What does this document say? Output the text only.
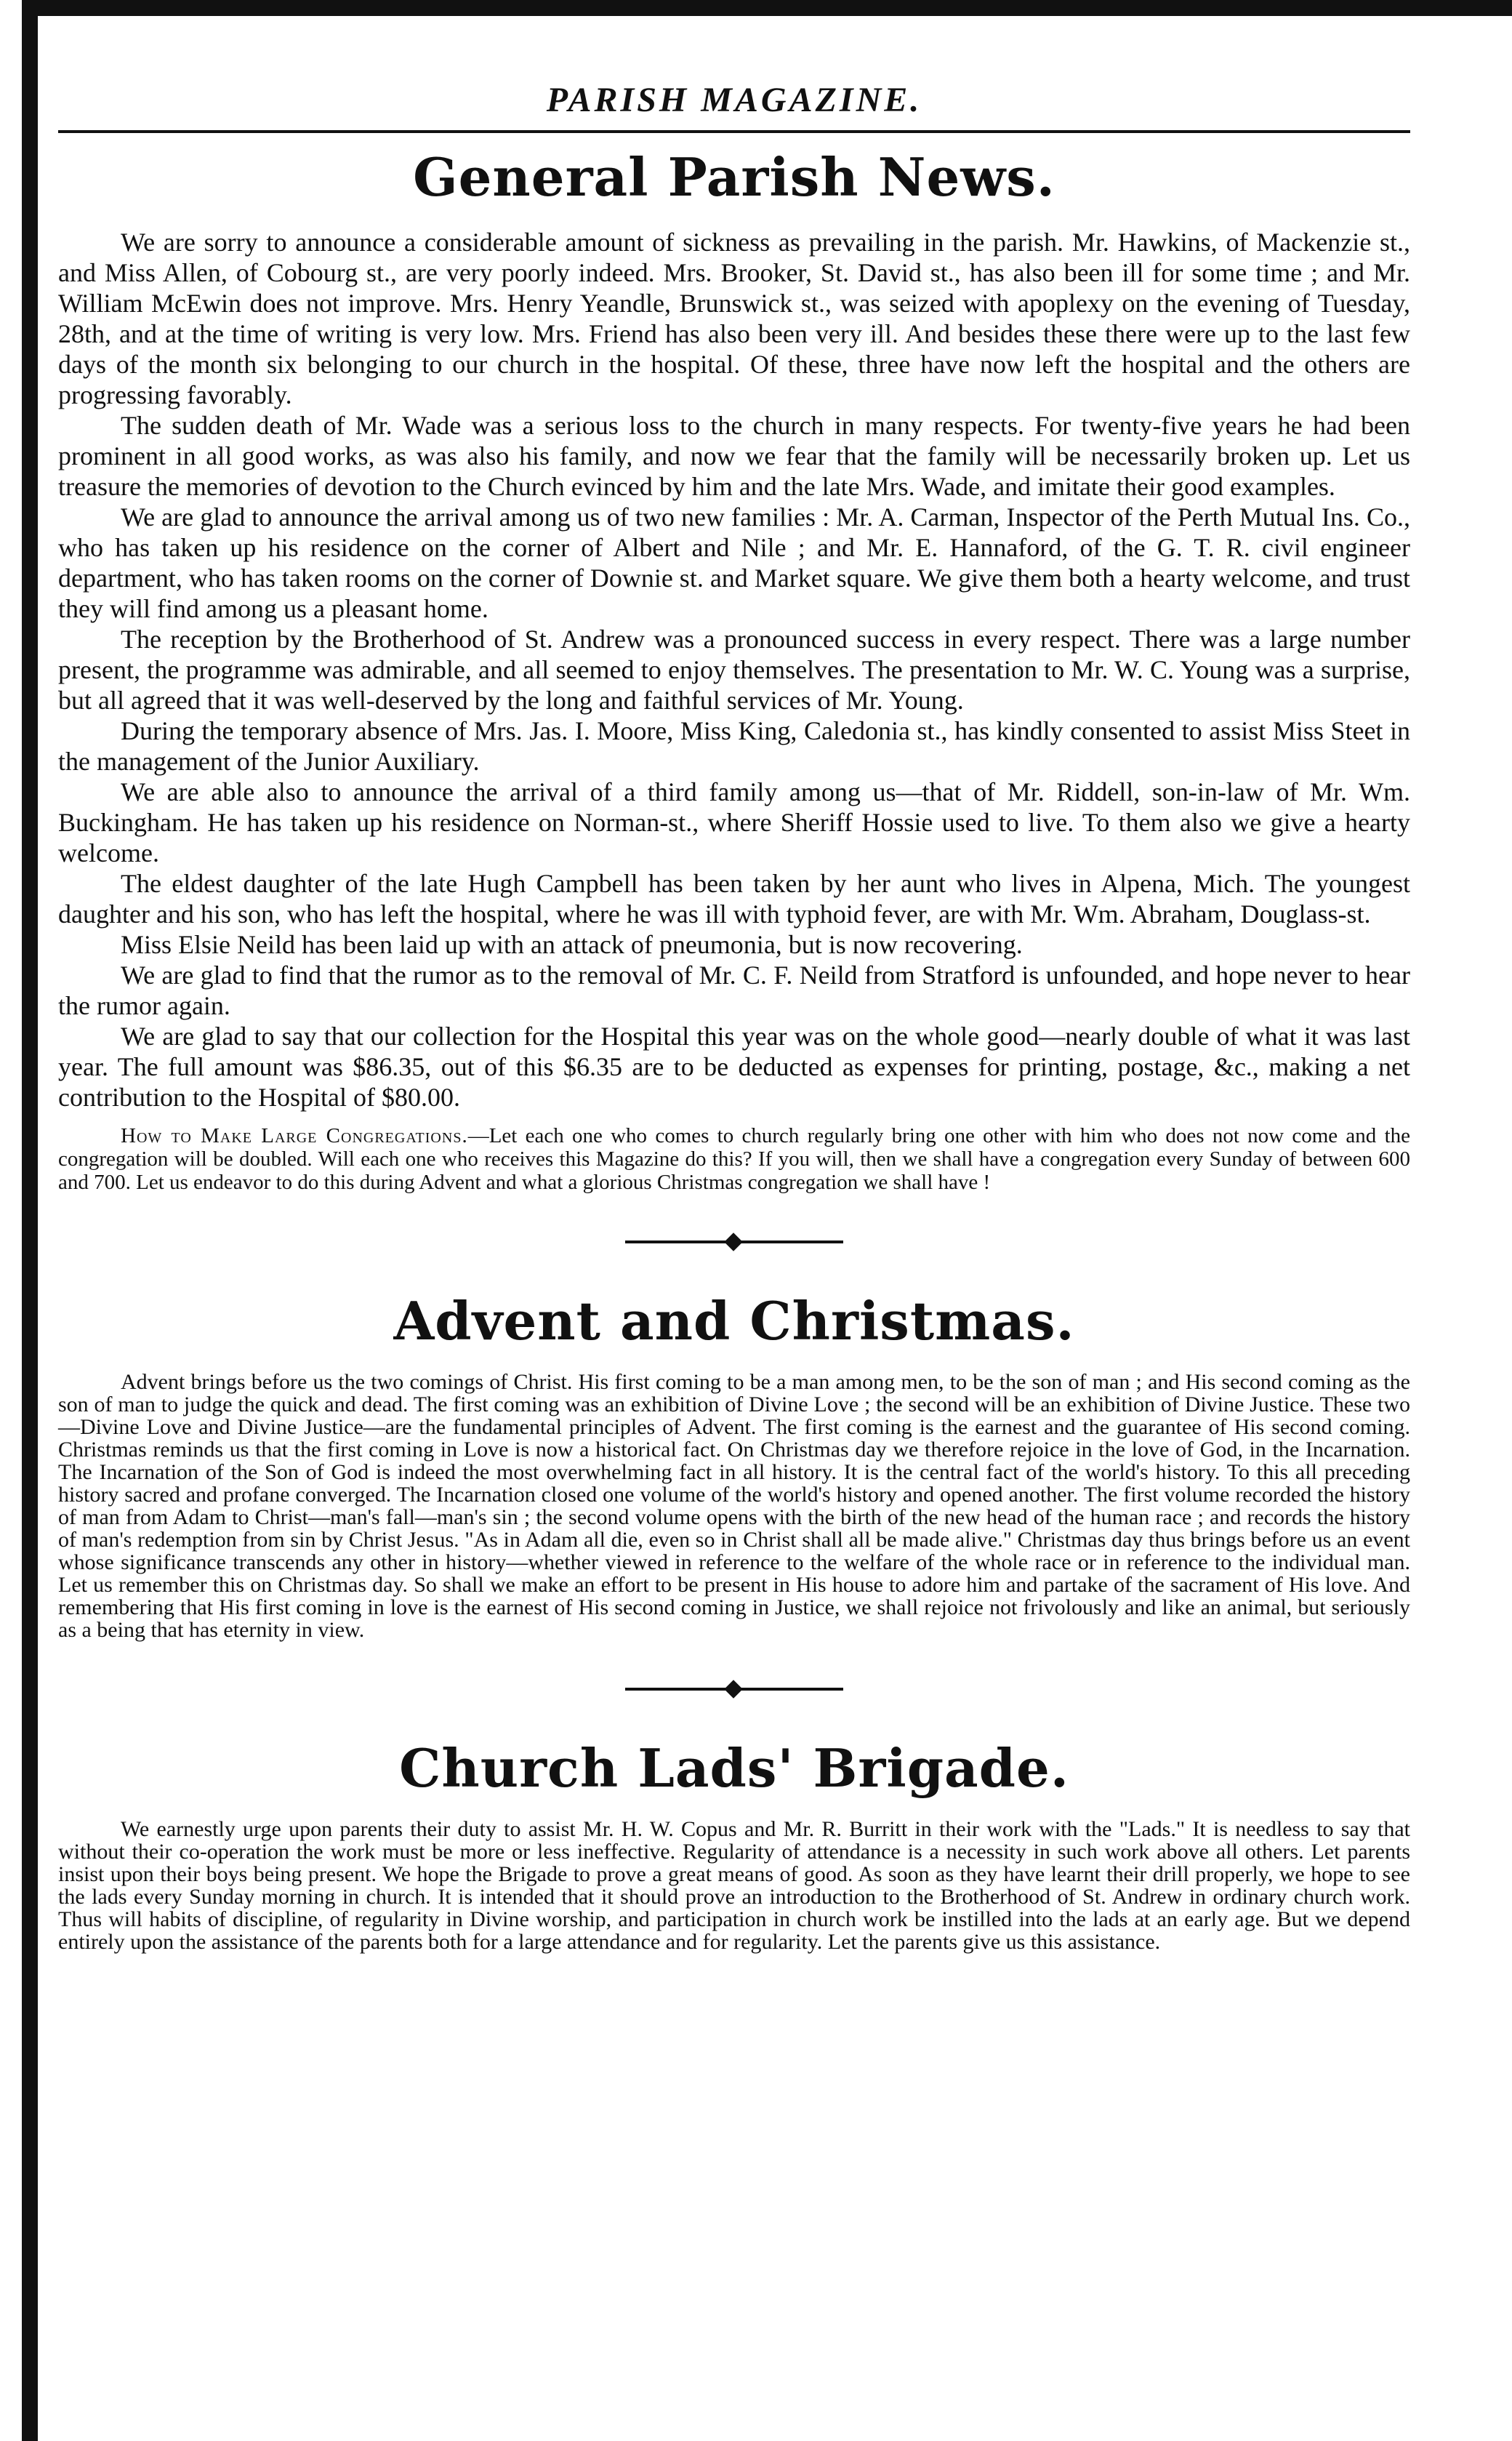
PARISH MAGAZINE.
General Parish News.

We are sorry to announce a considerable amount of sickness as prevailing in the parish. Mr. Hawkins, of Mackenzie st., and Miss Allen, of Cobourg st., are very poorly indeed. Mrs. Brooker, St. David st., has also been ill for some time ; and Mr. William McEwin does not improve. Mrs. Henry Yeandle, Brunswick st., was seized with apoplexy on the evening of Tuesday, 28th, and at the time of writing is very low. Mrs. Friend has also been very ill. And besides these there were up to the last few days of the month six belonging to our church in the hospital. Of these, three have now left the hospital and the others are progressing favorably.

The sudden death of Mr. Wade was a serious loss to the church in many respects. For twenty-five years he had been prominent in all good works, as was also his family, and now we fear that the family will be necessarily broken up. Let us treasure the memories of devotion to the Church evinced by him and the late Mrs. Wade, and imitate their good examples.

We are glad to announce the arrival among us of two new families : Mr. A. Carman, Inspector of the Perth Mutual Ins. Co., who has taken up his residence on the corner of Albert and Nile ; and Mr. E. Hannaford, of the G. T. R. civil engineer department, who has taken rooms on the corner of Downie st. and Market square. We give them both a hearty welcome, and trust they will find among us a pleasant home.

The reception by the Brotherhood of St. Andrew was a pronounced success in every respect. There was a large number present, the programme was admirable, and all seemed to enjoy themselves. The presentation to Mr. W. C. Young was a surprise, but all agreed that it was well-deserved by the long and faithful services of Mr. Young.

During the temporary absence of Mrs. Jas. I. Moore, Miss King, Caledonia st., has kindly consented to assist Miss Steet in the management of the Junior Auxiliary.

We are able also to announce the arrival of a third family among us—that of Mr. Riddell, son-in-law of Mr. Wm. Buckingham. He has taken up his residence on Norman-st., where Sheriff Hossie used to live. To them also we give a hearty welcome.

The eldest daughter of the late Hugh Campbell has been taken by her aunt who lives in Alpena, Mich. The youngest daughter and his son, who has left the hospital, where he was ill with typhoid fever, are with Mr. Wm. Abraham, Douglass-st.

Miss Elsie Neild has been laid up with an attack of pneumonia, but is now recovering.

We are glad to find that the rumor as to the removal of Mr. C. F. Neild from Stratford is unfounded, and hope never to hear the rumor again.

We are glad to say that our collection for the Hospital this year was on the whole good—nearly double of what it was last year. The full amount was $86.35, out of this $6.35 are to be deducted as expenses for printing, postage, &c., making a net contribution to the Hospital of $80.00.

How to Make Large Congregations.—Let each one who comes to church regularly bring one other with him who does not now come and the congregation will be doubled. Will each one who receives this Magazine do this? If you will, then we shall have a congregation every Sunday of between 600 and 700. Let us endeavor to do this during Advent and what a glorious Christmas congregation we shall have !

Advent and Christmas.

Advent brings before us the two comings of Christ. His first coming to be a man among men, to be the son of man ; and His second coming as the son of man to judge the quick and dead. The first coming was an exhibition of Divine Love ; the second will be an exhibition of Divine Justice. These two—Divine Love and Divine Justice—are the fundamental principles of Advent. The first coming is the earnest and the guarantee of His second coming. Christmas reminds us that the first coming in Love is now a historical fact. On Christmas day we therefore rejoice in the love of God, in the Incarnation. The Incarnation of the Son of God is indeed the most overwhelming fact in all history. It is the central fact of the world's history. To this all preceding history sacred and profane converged. The Incarnation closed one volume of the world's history and opened another. The first volume recorded the history of man from Adam to Christ—man's fall—man's sin ; the second volume opens with the birth of the new head of the human race ; and records the history of man's redemption from sin by Christ Jesus. "As in Adam all die, even so in Christ shall all be made alive." Christmas day thus brings before us an event whose significance transcends any other in history—whether viewed in reference to the welfare of the whole race or in reference to the individual man. Let us remember this on Christmas day. So shall we make an effort to be present in His house to adore him and partake of the sacrament of His love. And remembering that His first coming in love is the earnest of His second coming in Justice, we shall rejoice not frivolously and like an animal, but seriously as a being that has eternity in view.

Church Lads' Brigade.

We earnestly urge upon parents their duty to assist Mr. H. W. Copus and Mr. R. Burritt in their work with the "Lads." It is needless to say that without their co-operation the work must be more or less ineffective. Regularity of attendance is a necessity in such work above all others. Let parents insist upon their boys being present. We hope the Brigade to prove a great means of good. As soon as they have learnt their drill properly, we hope to see the lads every Sunday morning in church. It is intended that it should prove an introduction to the Brotherhood of St. Andrew in ordinary church work. Thus will habits of discipline, of regularity in Divine worship, and participation in church work be instilled into the lads at an early age. But we depend entirely upon the assistance of the parents both for a large attendance and for regularity. Let the parents give us this assistance.
